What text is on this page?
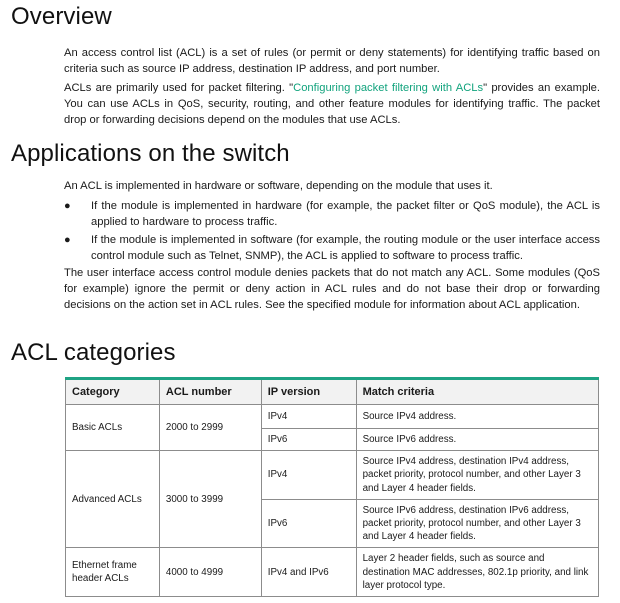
Overview

An access control list (ACL) is a set of rules (or permit or deny statements) for identifying traffic based on criteria such as source IP address, destination IP address, and port number.

ACLs are primarily used for packet filtering. "Configuring packet filtering with ACLs" provides an example. You can use ACLs in QoS, security, routing, and other feature modules for identifying traffic. The packet drop or forwarding decisions depend on the modules that use ACLs.

Applications on the switch

An ACL is implemented in hardware or software, depending on the module that uses it.

● If the module is implemented in hardware (for example, the packet filter or QoS module), the ACL is applied to hardware to process traffic.
● If the module is implemented in software (for example, the routing module or the user interface access control module such as Telnet, SNMP), the ACL is applied to software to process traffic.

The user interface access control module denies packets that do not match any ACL. Some modules (QoS for example) ignore the permit or deny action in ACL rules and do not base their drop or forwarding decisions on the action set in ACL rules. See the specified module for information about ACL application.

ACL categories
Category	ACL number	IP version	Match criteria
Basic ACLs	2000 to 2999	IPv4	Source IPv4 address.
		IPv6	Source IPv6 address.
Advanced ACLs	3000 to 3999	IPv4	Source IPv4 address, destination IPv4 address, packet priority, protocol number, and other Layer 3 and Layer 4 header fields.
		IPv6	Source IPv6 address, destination IPv6 address, packet priority, protocol number, and other Layer 3 and Layer 4 header fields.
Ethernet frame header ACLs	4000 to 4999	IPv4 and IPv6	Layer 2 header fields, such as source and destination MAC addresses, 802.1p priority, and link layer protocol type.
